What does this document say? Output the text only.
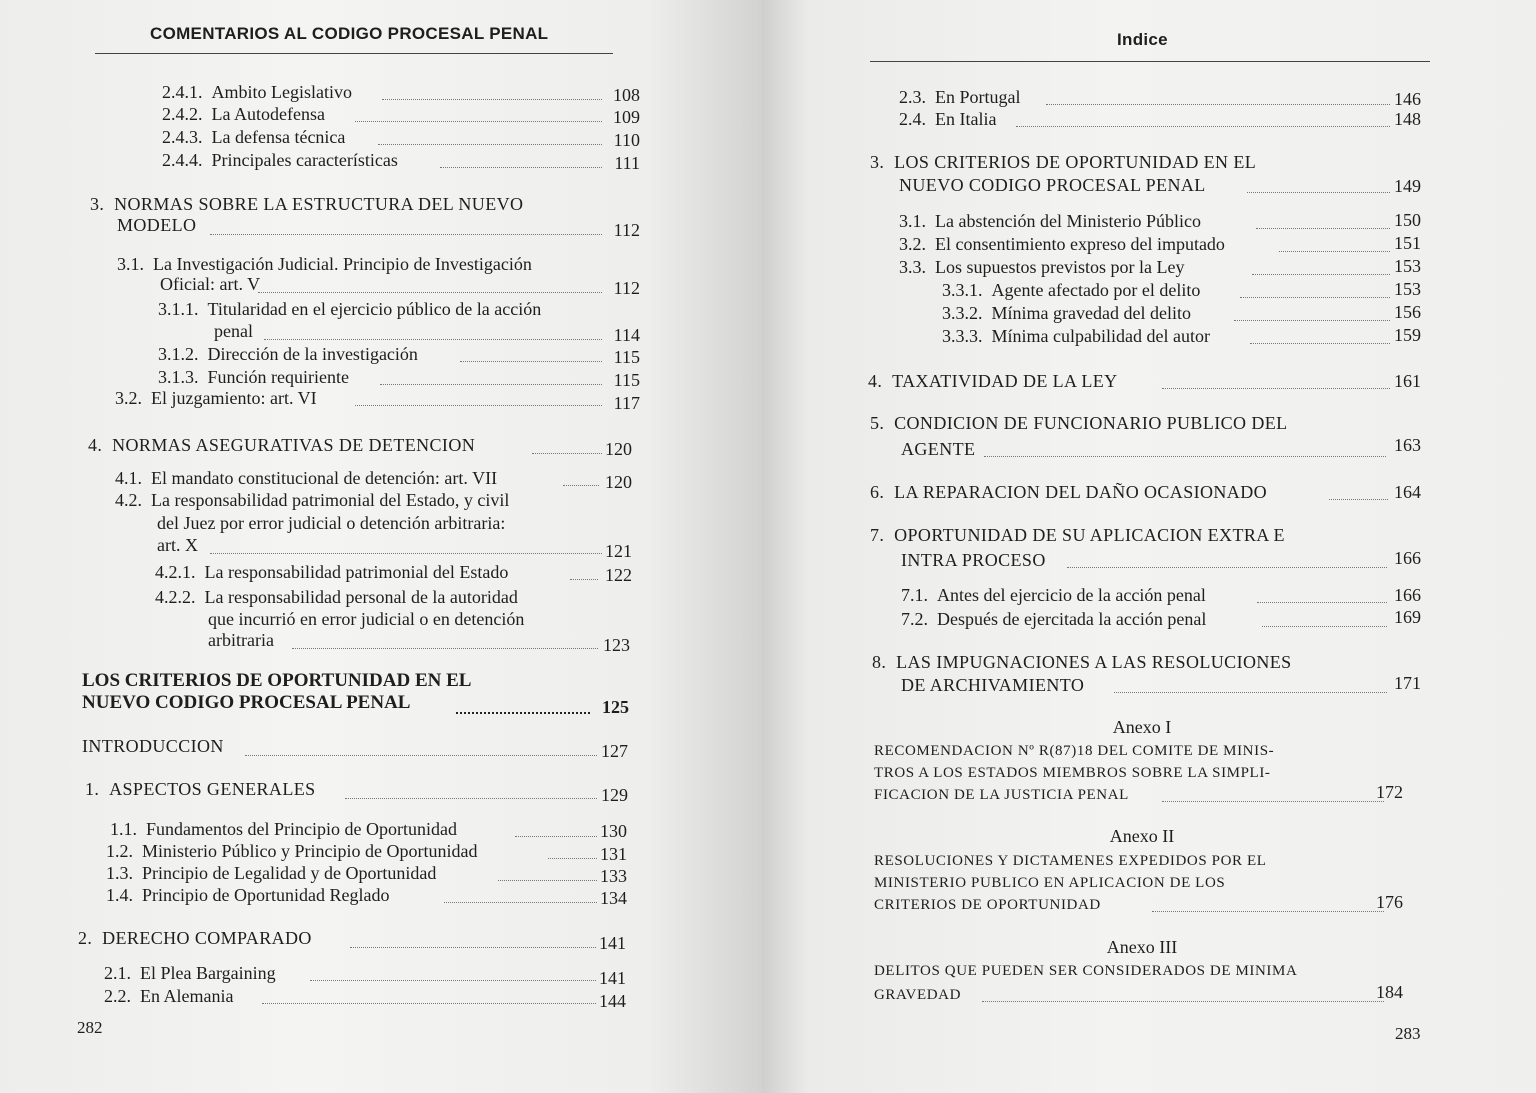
COMENTARIOS AL CODIGO PROCESAL PENAL
2.4.1. Ambito Legislativo	108
2.4.2. La Autodefensa	109
2.4.3. La defensa técnica	110
2.4.4. Principales características	111
3. NORMAS SOBRE LA ESTRUCTURA DEL NUEVO
MODELO	112
3.1. La Investigación Judicial. Principio de Investigación
Oficial: art. V	112
3.1.1. Titularidad en el ejercicio público de la acción
penal	114
3.1.2. Dirección de la investigación	115
3.1.3. Función requiriente	115
3.2. El juzgamiento: art. VI	117
4. NORMAS ASEGURATIVAS DE DETENCION	120
4.1. El mandato constitucional de detención: art. VII	120
4.2. La responsabilidad patrimonial del Estado, y civil
del Juez por error judicial o detención arbitraria:
art. X	121
4.2.1. La responsabilidad patrimonial del Estado	122
4.2.2. La responsabilidad personal de la autoridad
que incurrió en error judicial o en detención
arbitraria	123
LOS CRITERIOS DE OPORTUNIDAD EN EL
NUEVO CODIGO PROCESAL PENAL	125
INTRODUCCION	127
1. ASPECTOS GENERALES	129
1.1. Fundamentos del Principio de Oportunidad	130
1.2. Ministerio Público y Principio de Oportunidad	131
1.3. Principio de Legalidad y de Oportunidad	133
1.4. Principio de Oportunidad Reglado	134
2. DERECHO COMPARADO	141
2.1. El Plea Bargaining	141
2.2. En Alemania	144
282
Indice
2.3. En Portugal	146
2.4. En Italia	148
3. LOS CRITERIOS DE OPORTUNIDAD EN EL
NUEVO CODIGO PROCESAL PENAL	149
3.1. La abstención del Ministerio Público	150
3.2. El consentimiento expreso del imputado	151
3.3. Los supuestos previstos por la Ley	153
3.3.1. Agente afectado por el delito	153
3.3.2. Mínima gravedad del delito	156
3.3.3. Mínima culpabilidad del autor	159
4. TAXATIVIDAD DE LA LEY	161
5. CONDICION DE FUNCIONARIO PUBLICO DEL
AGENTE	163
6. LA REPARACION DEL DAÑO OCASIONADO	164
7. OPORTUNIDAD DE SU APLICACION EXTRA E
INTRA PROCESO	166
7.1. Antes del ejercicio de la acción penal	166
7.2. Después de ejercitada la acción penal	169
8. LAS IMPUGNACIONES A LAS RESOLUCIONES
DE ARCHIVAMIENTO	171
Anexo I
RECOMENDACION Nº R(87)18 DEL COMITE DE MINIS-
TROS A LOS ESTADOS MIEMBROS SOBRE LA SIMPLI-
FICACION DE LA JUSTICIA PENAL	172
Anexo II
RESOLUCIONES Y DICTAMENES EXPEDIDOS POR EL
MINISTERIO PUBLICO EN APLICACION DE LOS
CRITERIOS DE OPORTUNIDAD	176
Anexo III
DELITOS QUE PUEDEN SER CONSIDERADOS DE MINIMA
GRAVEDAD	184
283
